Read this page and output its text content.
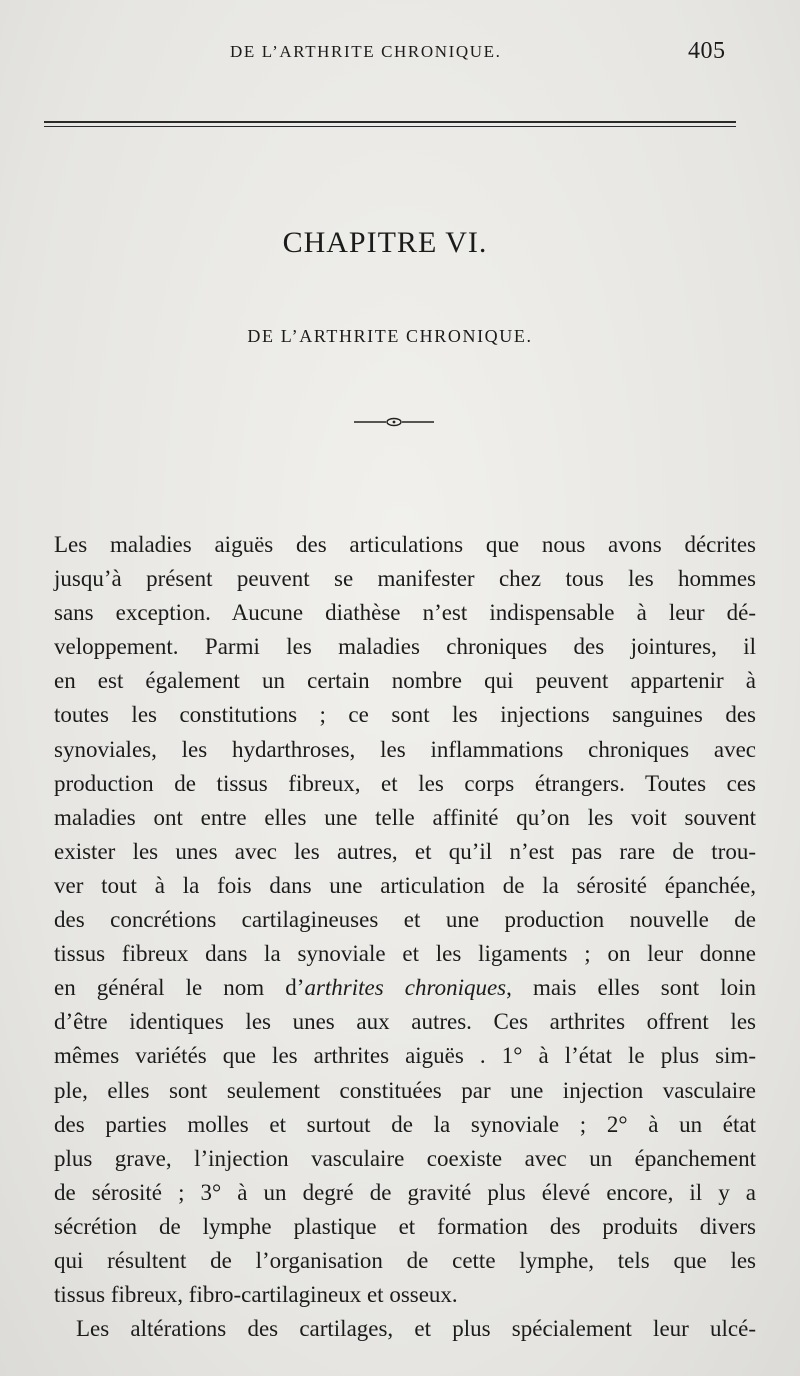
DE L’ARTHRITE CHRONIQUE.	405
CHAPITRE VI.
DE L’ARTHRITE CHRONIQUE.
Les maladies aiguës des articulations que nous avons décrites
jusqu’à présent peuvent se manifester chez tous les hommes
sans exception. Aucune diathèse n’est indispensable à leur dé-
veloppement. Parmi les maladies chroniques des jointures, il
en est également un certain nombre qui peuvent appartenir à
toutes les constitutions ; ce sont les injections sanguines des
synoviales, les hydarthroses, les inflammations chroniques avec
production de tissus fibreux, et les corps étrangers. Toutes ces
maladies ont entre elles une telle affinité qu’on les voit souvent
exister les unes avec les autres, et qu’il n’est pas rare de trou-
ver tout à la fois dans une articulation de la sérosité épanchée,
des concrétions cartilagineuses et une production nouvelle de
tissus fibreux dans la synoviale et les ligaments ; on leur donne
en général le nom d’arthrites chroniques, mais elles sont loin
d’être identiques les unes aux autres. Ces arthrites offrent les
mêmes variétés que les arthrites aiguës . 1° à l’état le plus sim-
ple, elles sont seulement constituées par une injection vasculaire
des parties molles et surtout de la synoviale ; 2° à un état
plus grave, l’injection vasculaire coexiste avec un épanchement
de sérosité ; 3° à un degré de gravité plus élevé encore, il y a
sécrétion de lymphe plastique et formation des produits divers
qui résultent de l’organisation de cette lymphe, tels que les
tissus fibreux, fibro-cartilagineux et osseux.
Les altérations des cartilages, et plus spécialement leur ulcé-
